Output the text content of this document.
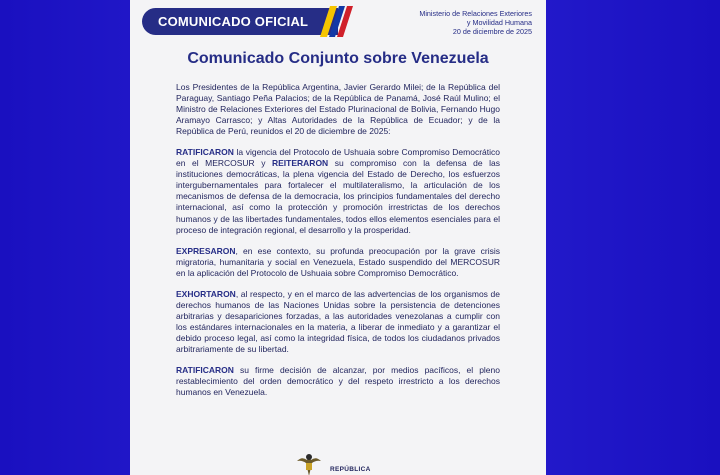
COMUNICADO OFICIAL
Ministerio de Relaciones Exteriores
y Movilidad Humana
20 de diciembre de 2025
Comunicado Conjunto sobre Venezuela

Los Presidentes de la República Argentina, Javier Gerardo Milei; de la República del Paraguay, Santiago Peña Palacios; de la República de Panamá, José Raúl Mulino; el Ministro de Relaciones Exteriores del Estado Plurinacional de Bolivia, Fernando Hugo Aramayo Carrasco; y Altas Autoridades de la República de Ecuador; y de la República de Perú, reunidos el 20 de diciembre de 2025:

RATIFICARON la vigencia del Protocolo de Ushuaia sobre Compromiso Democrático en el MERCOSUR y REITERARON su compromiso con la defensa de las instituciones democráticas, la plena vigencia del Estado de Derecho, los esfuerzos intergubernamentales para fortalecer el multilateralismo, la articulación de los mecanismos de defensa de la democracia, los principios fundamentales del derecho internacional, así como la protección y promoción irrestrictas de los derechos humanos y de las libertades fundamentales, todos ellos elementos esenciales para el proceso de integración regional, el desarrollo y la prosperidad.

EXPRESARON, en ese contexto, su profunda preocupación por la grave crisis migratoria, humanitaria y social en Venezuela, Estado suspendido del MERCOSUR en la aplicación del Protocolo de Ushuaia sobre Compromiso Democrático.

EXHORTARON, al respecto, y en el marco de las advertencias de los organismos de derechos humanos de las Naciones Unidas sobre la persistencia de detenciones arbitrarias y desapariciones forzadas, a las autoridades venezolanas a cumplir con los estándares internacionales en la materia, a liberar de inmediato y a garantizar el debido proceso legal, así como la integridad física, de todos los ciudadanos privados arbitrariamente de su libertad.

RATIFICARON su firme decisión de alcanzar, por medios pacíficos, el pleno restablecimiento del orden democrático y del respeto irrestricto a los derechos humanos en Venezuela.

REPÚBLICA
